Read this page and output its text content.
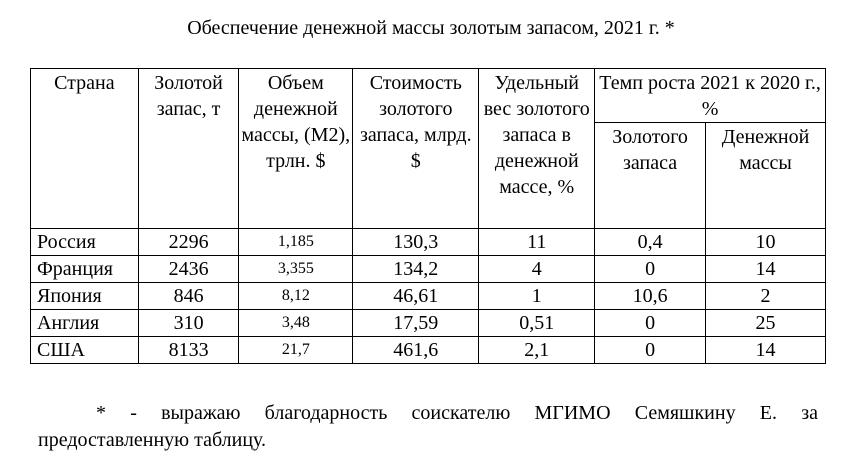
Обеспечение денежной массы золотым запасом, 2021 г. *
Страна	Золотой запас, т	Объем денежной массы, (М2), трлн. $	Стоимость золотого запаса, млрд. $	Удельный вес золотого запаса в денежной массе, %	Темп роста 2021 к 2020 г., %	
					Золотого запаса	Денежной массы
Россия	2296	1,185	130,3	11	0,4	10
Франция	2436	3,355	134,2	4	0	14
Япония	846	8,12	46,61	1	10,6	2
Англия	310	3,48	17,59	0,51	0	25
США	8133	21,7	461,6	2,1	0	14
* - выражаю благодарность соискателю МГИМО Семяшкину Е. за
предоставленную таблицу.
